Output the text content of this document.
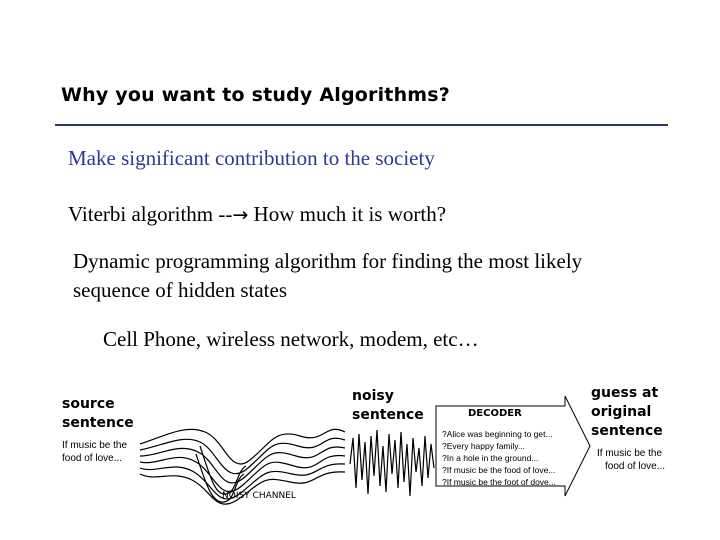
Why you want to study Algorithms?
Make significant contribution to the society
Viterbi algorithm --→ How much it is worth?
Dynamic programming algorithm for finding the most likely
sequence of hidden states
Cell Phone, wireless network, modem, etc…
source
sentence
If music be the
food of love...
NOISY CHANNEL
noisy
sentence	DECODER
?Alice was beginning to get...
?Every happy family...
?In a hole in the ground...
?If music be the food of love...
?If music be the foot of dove...
guess at
original
sentence
If music be the
food of love...
